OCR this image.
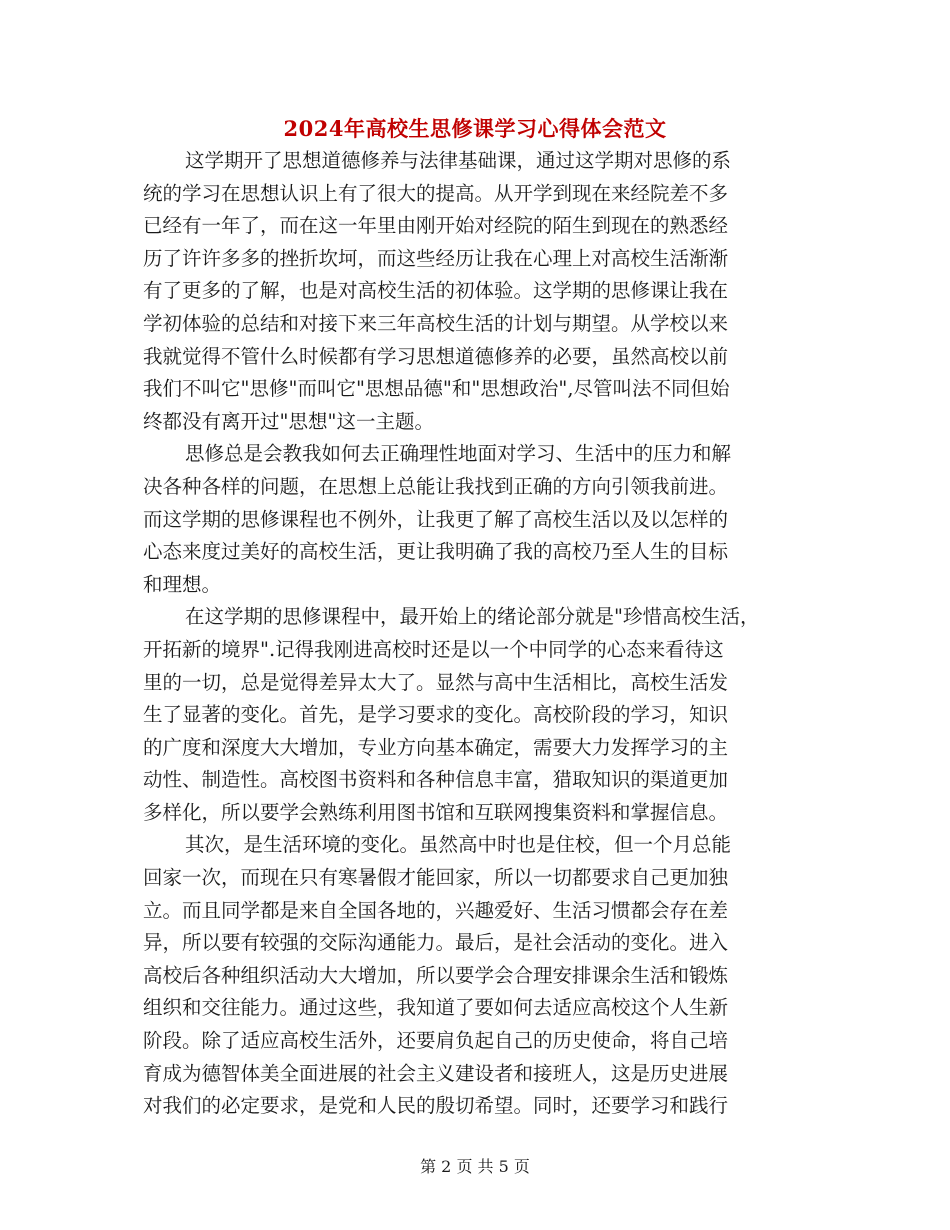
2024年高校生思修课学习心得体会范文
这学期开了思想道德修养与法律基础课，通过这学期对思修的系
统的学习在思想认识上有了很大的提高。从开学到现在来经院差不多
已经有一年了，而在这一年里由刚开始对经院的陌生到现在的熟悉经
历了许许多多的挫折坎坷，而这些经历让我在心理上对高校生活渐渐
有了更多的了解，也是对高校生活的初体验。这学期的思修课让我在
学初体验的总结和对接下来三年高校生活的计划与期望。从学校以来
我就觉得不管什么时候都有学习思想道德修养的必要，虽然高校以前
我们不叫它"思修"而叫它"思想品德"和"思想政治",尽管叫法不同但始
终都没有离开过"思想"这一主题。
思修总是会教我如何去正确理性地面对学习、生活中的压力和解
决各种各样的问题，在思想上总能让我找到正确的方向引领我前进。
而这学期的思修课程也不例外，让我更了解了高校生活以及以怎样的
心态来度过美好的高校生活，更让我明确了我的高校乃至人生的目标
和理想。
在这学期的思修课程中，最开始上的绪论部分就是"珍惜高校生活，
开拓新的境界".记得我刚进高校时还是以一个中同学的心态来看待这
里的一切，总是觉得差异太大了。显然与高中生活相比，高校生活发
生了显著的变化。首先，是学习要求的变化。高校阶段的学习，知识
的广度和深度大大增加，专业方向基本确定，需要大力发挥学习的主
动性、制造性。高校图书资料和各种信息丰富，猎取知识的渠道更加
多样化，所以要学会熟练利用图书馆和互联网搜集资料和掌握信息。
其次，是生活环境的变化。虽然高中时也是住校，但一个月总能
回家一次，而现在只有寒暑假才能回家，所以一切都要求自己更加独
立。而且同学都是来自全国各地的，兴趣爱好、生活习惯都会存在差
异，所以要有较强的交际沟通能力。最后，是社会活动的变化。进入
高校后各种组织活动大大增加，所以要学会合理安排课余生活和锻炼
组织和交往能力。通过这些，我知道了要如何去适应高校这个人生新
阶段。除了适应高校生活外，还要肩负起自己的历史使命，将自己培
育成为德智体美全面进展的社会主义建设者和接班人，这是历史进展
对我们的必定要求，是党和人民的殷切希望。同时，还要学习和践行
第 2 页 共 5 页
